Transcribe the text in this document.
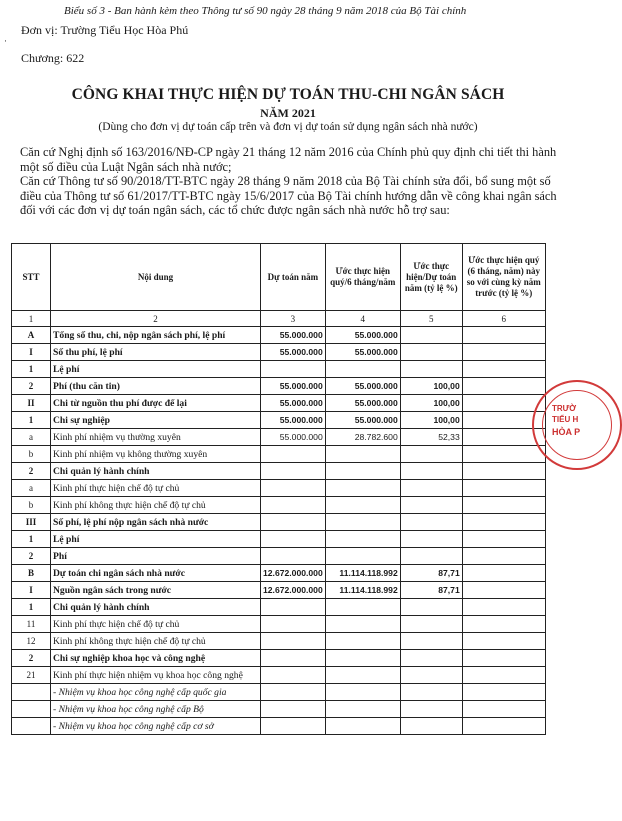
Biểu số 3 - Ban hành kèm theo Thông tư số 90 ngày 28 tháng 9 năm 2018 của Bộ Tài chính
·
Đơn vị: Trường Tiểu Học Hòa Phú
Chương: 622
CÔNG KHAI THỰC HIỆN DỰ TOÁN THU-CHI NGÂN SÁCH
NĂM 2021
(Dùng cho đơn vị dự toán cấp trên và đơn vị dự toán sử dụng ngân sách nhà nước)

Căn cứ Nghị định số 163/2016/NĐ-CP ngày 21 tháng 12 năm 2016 của Chính phủ quy định chi tiết thi hành một số điều của Luật Ngân sách nhà nước;

Căn cứ Thông tư số 90/2018/TT-BTC ngày 28 tháng 9 năm 2018 của Bộ Tài chính sửa đổi, bổ sung một số điều của Thông tư số 61/2017/TT-BTC ngày 15/6/2017 của Bộ Tài chính hướng dẫn về công khai ngân sách đối với các đơn vị dự toán ngân sách, các tổ chức được ngân sách nhà nước hỗ trợ sau:

STT	Nội dung	Dự toán năm	Ước thực hiện quý/6 tháng/năm	Ước thực hiện/Dự toán năm (tỷ lệ %)	Ước thực hiện quý (6 tháng, năm) này so với cùng kỳ năm trước (tỷ lệ %)
1	2	3	4	5	6
A	Tổng số thu, chi, nộp ngân sách phí, lệ phí	55.000.000	55.000.000		
I	Số thu phí, lệ phí	55.000.000	55.000.000		
1	Lệ phí				
2	Phí (thu căn tin)	55.000.000	55.000.000	100,00	
II	Chi từ nguồn thu phí được để lại	55.000.000	55.000.000	100,00	
1	Chi sự nghiệp	55.000.000	55.000.000	100,00	
a	Kinh phí nhiệm vụ thường xuyên	55.000.000	28.782.600	52,33	
b	Kinh phí nhiệm vụ không thường xuyên				
2	Chi quản lý hành chính				
a	Kinh phí thực hiện chế độ tự chủ				
b	Kinh phí không thực hiện chế độ tự chủ				
III	Số phí, lệ phí nộp ngân sách nhà nước				
1	Lệ phí				
2	Phí				
B	Dự toán chi ngân sách nhà nước	12.672.000.000	11.114.118.992	87,71	
I	Nguồn ngân sách trong nước	12.672.000.000	11.114.118.992	87,71	
1	Chi quản lý hành chính				
11	Kinh phí thực hiện chế độ tự chủ				
12	Kinh phí không thực hiện chế độ tự chủ				
2	Chi sự nghiệp khoa học và công nghệ				
21	Kinh phí thực hiện nhiệm vụ khoa học công nghệ				
	- Nhiệm vụ khoa học công nghệ cấp quốc gia				
	- Nhiệm vụ khoa học công nghệ cấp Bộ				
	- Nhiệm vụ khoa học công nghệ cấp cơ sở				
TRƯỜ
TIỂU H
HÒA P
